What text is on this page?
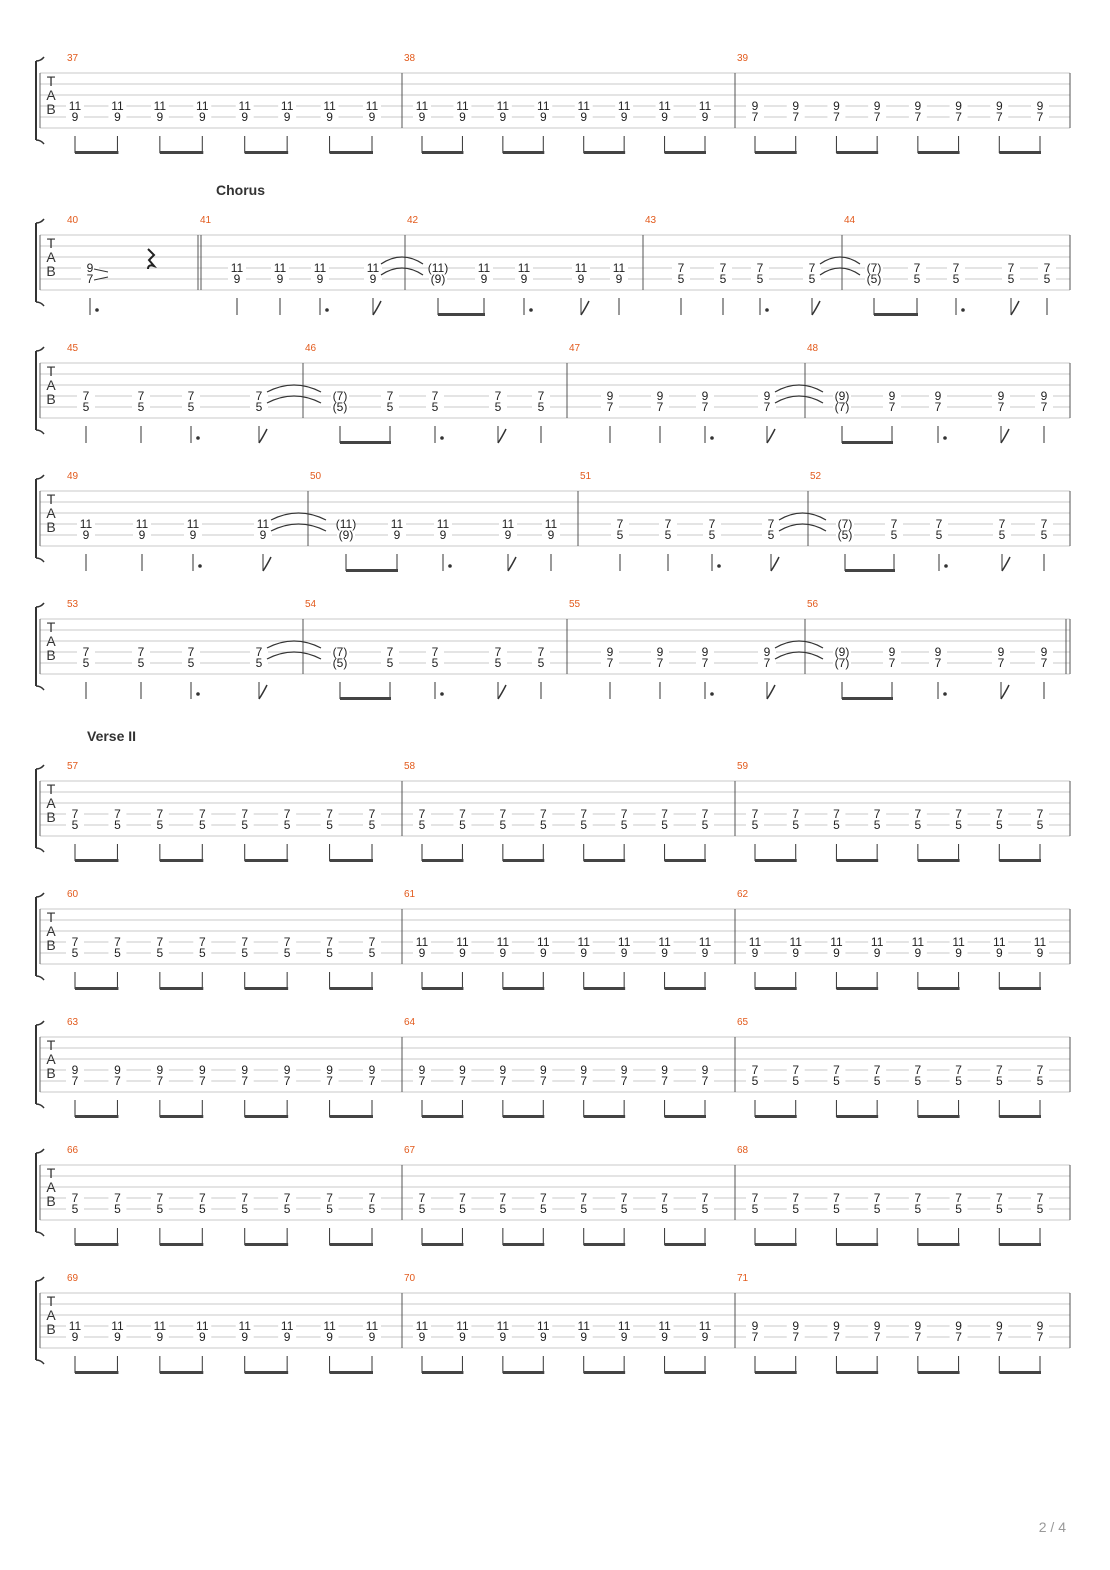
T
A
B
37
11
9
11
9
11
9
11
9
11
9
11
9
11
9
11
9
38
11
9
11
9
11
9
11
9
11
9
11
9
11
9
11
9
39
9
7
9
7
9
7
9
7
9
7
9
7
9
7
9
7
T
A
B
Chorus
40
9
7
41
11
9
11
9
11
9
11
9
42
(11)
(9)
11
9
11
9
11
9
11
9
43
7
5
7
5
7
5
7
5
44
(7)
(5)
7
5
7
5
7
5
7
5
T
A
B
45
7
5
7
5
7
5
7
5
46
(7)
(5)
7
5
7
5
7
5
7
5
47
9
7
9
7
9
7
9
7
48
(9)
(7)
9
7
9
7
9
7
9
7
T
A
B
49
11
9
11
9
11
9
11
9
50
(11)
(9)
11
9
11
9
11
9
11
9
51
7
5
7
5
7
5
7
5
52
(7)
(5)
7
5
7
5
7
5
7
5
T
A
B
53
7
5
7
5
7
5
7
5
54
(7)
(5)
7
5
7
5
7
5
7
5
55
9
7
9
7
9
7
9
7
56
(9)
(7)
9
7
9
7
9
7
9
7
T
A
B
Verse II
57
7
5
7
5
7
5
7
5
7
5
7
5
7
5
7
5
58
7
5
7
5
7
5
7
5
7
5
7
5
7
5
7
5
59
7
5
7
5
7
5
7
5
7
5
7
5
7
5
7
5
T
A
B
60
7
5
7
5
7
5
7
5
7
5
7
5
7
5
7
5
61
11
9
11
9
11
9
11
9
11
9
11
9
11
9
11
9
62
11
9
11
9
11
9
11
9
11
9
11
9
11
9
11
9
T
A
B
63
9
7
9
7
9
7
9
7
9
7
9
7
9
7
9
7
64
9
7
9
7
9
7
9
7
9
7
9
7
9
7
9
7
65
7
5
7
5
7
5
7
5
7
5
7
5
7
5
7
5
T
A
B
66
7
5
7
5
7
5
7
5
7
5
7
5
7
5
7
5
67
7
5
7
5
7
5
7
5
7
5
7
5
7
5
7
5
68
7
5
7
5
7
5
7
5
7
5
7
5
7
5
7
5
T
A
B
69
11
9
11
9
11
9
11
9
11
9
11
9
11
9
11
9
70
11
9
11
9
11
9
11
9
11
9
11
9
11
9
11
9
71
9
7
9
7
9
7
9
7
9
7
9
7
9
7
9
7
2 / 4
